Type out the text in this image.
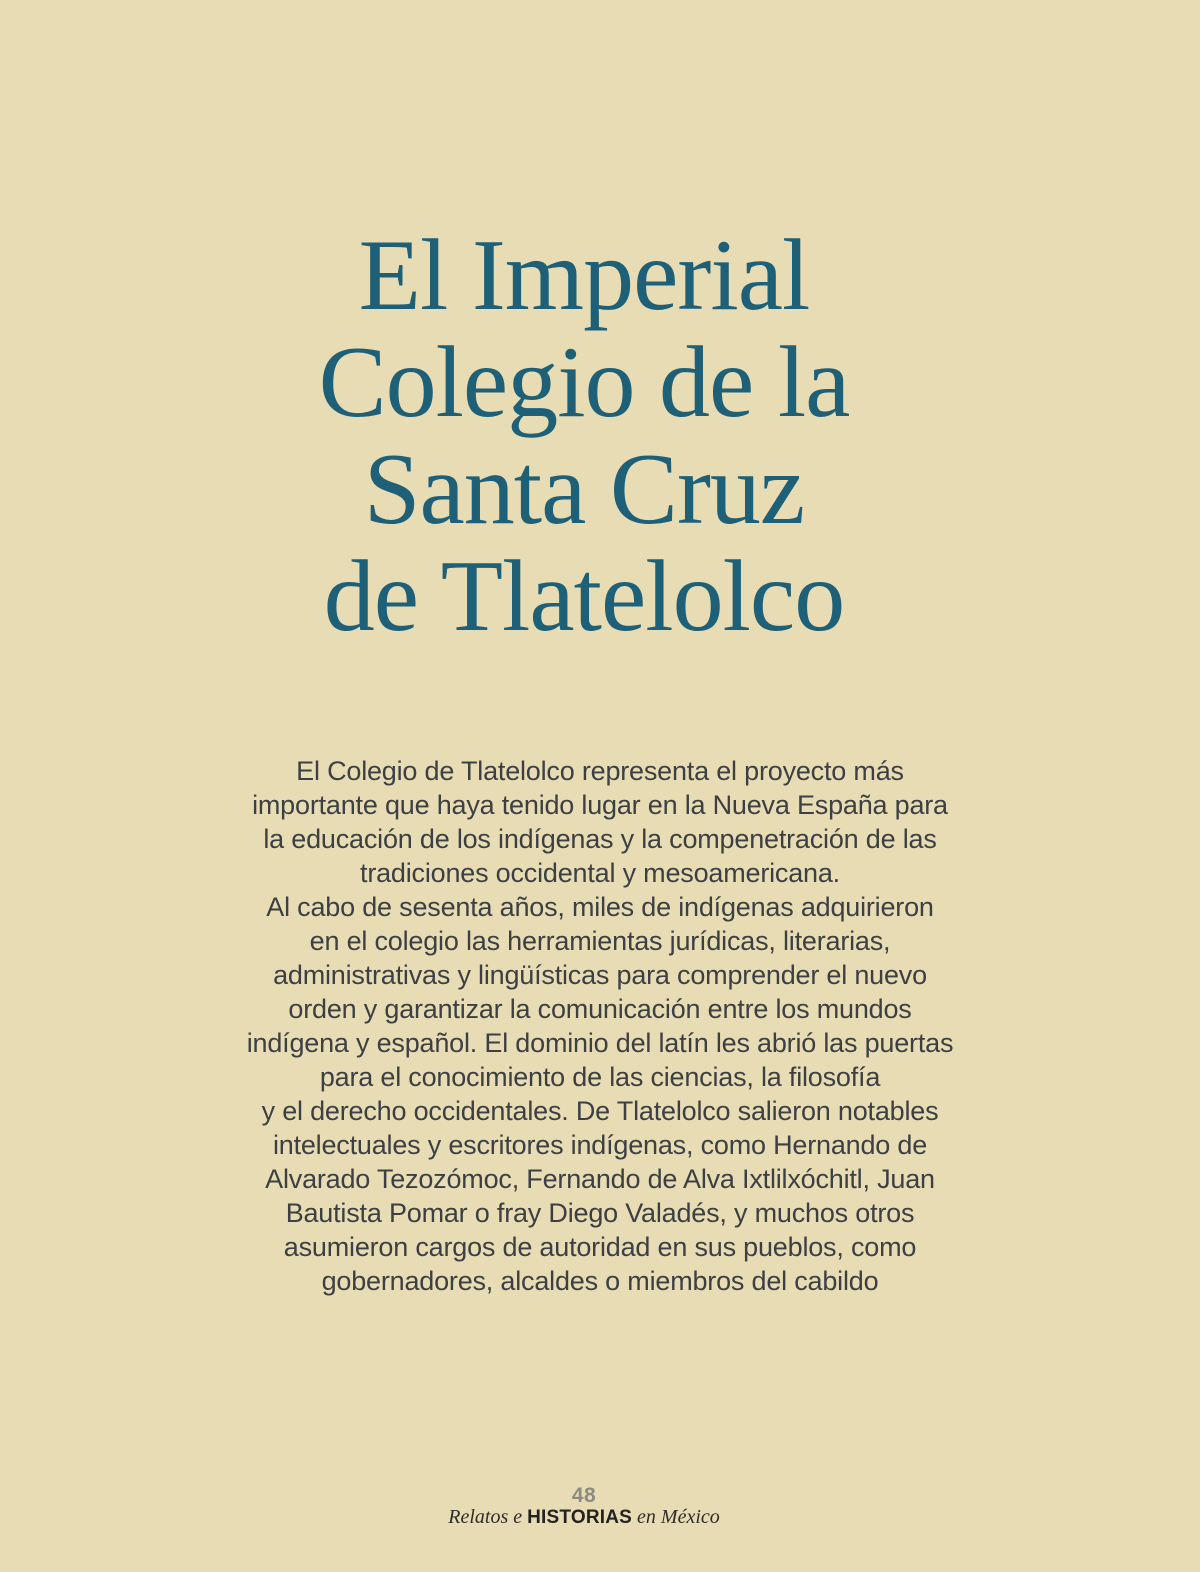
El Imperial
Colegio de la
Santa Cruz
de Tlatelolco
El Colegio de Tlatelolco representa el proyecto más
importante que haya tenido lugar en la Nueva España para
la educación de los indígenas y la compenetración de las
tradiciones occidental y mesoamericana.
Al cabo de sesenta años, miles de indígenas adquirieron
en el colegio las herramientas jurídicas, literarias,
administrativas y lingüísticas para comprender el nuevo
orden y garantizar la comunicación entre los mundos
indígena y español. El dominio del latín les abrió las puertas
para el conocimiento de las ciencias, la filosofía
y el derecho occidentales. De Tlatelolco salieron notables
intelectuales y escritores indígenas, como Hernando de
Alvarado Tezozómoc, Fernando de Alva Ixtlilxóchitl, Juan
Bautista Pomar o fray Diego Valadés, y muchos otros
asumieron cargos de autoridad en sus pueblos, como
gobernadores, alcaldes o miembros del cabildo
48
Relatos e HISTORIAS en México
